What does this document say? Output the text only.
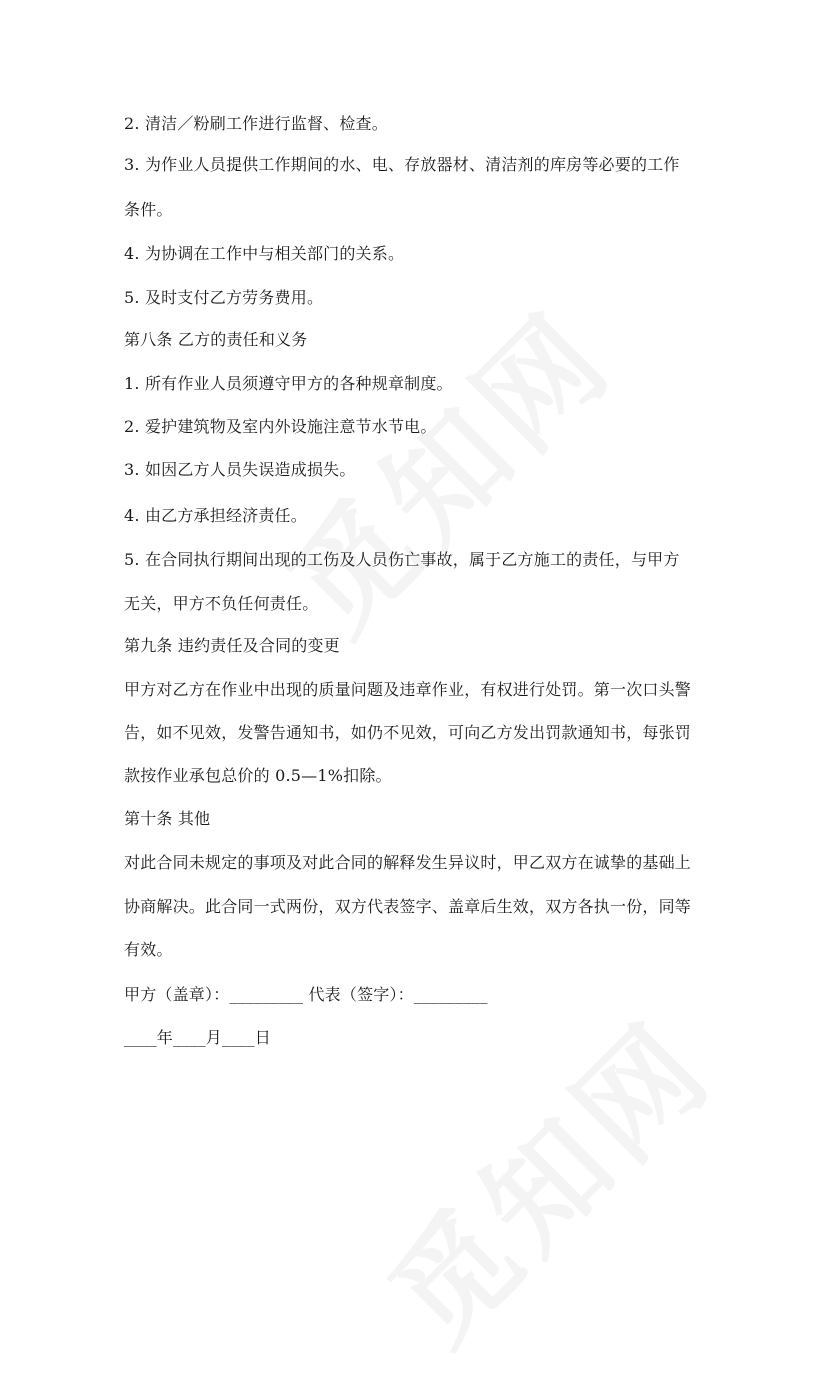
2. 清洁／粉刷工作进行监督、检查。
3. 为作业人员提供工作期间的水、电、存放器材、清洁剂的库房等必要的工作
条件。
4. 为协调在工作中与相关部门的关系。
5. 及时支付乙方劳务费用。
第八条 乙方的责任和义务
1. 所有作业人员须遵守甲方的各种规章制度。
2. 爱护建筑物及室内外设施注意节水节电。
3. 如因乙方人员失误造成损失。
4. 由乙方承担经济责任。
5. 在合同执行期间出现的工伤及人员伤亡事故，属于乙方施工的责任，与甲方
无关，甲方不负任何责任。
第九条 违约责任及合同的变更
甲方对乙方在作业中出现的质量问题及违章作业，有权进行处罚。第一次口头警
告，如不见效，发警告通知书，如仍不见效，可向乙方发出罚款通知书，每张罚
款按作业承包总价的 0.5—1%扣除。
第十条 其他
对此合同未规定的事项及对此合同的解释发生异议时，甲乙双方在诚挚的基础上
协商解决。此合同一式两份，双方代表签字、盖章后生效，双方各执一份，同等
有效。
甲方（盖章）：_________ 代表（签字）：_________
____年____月____日
